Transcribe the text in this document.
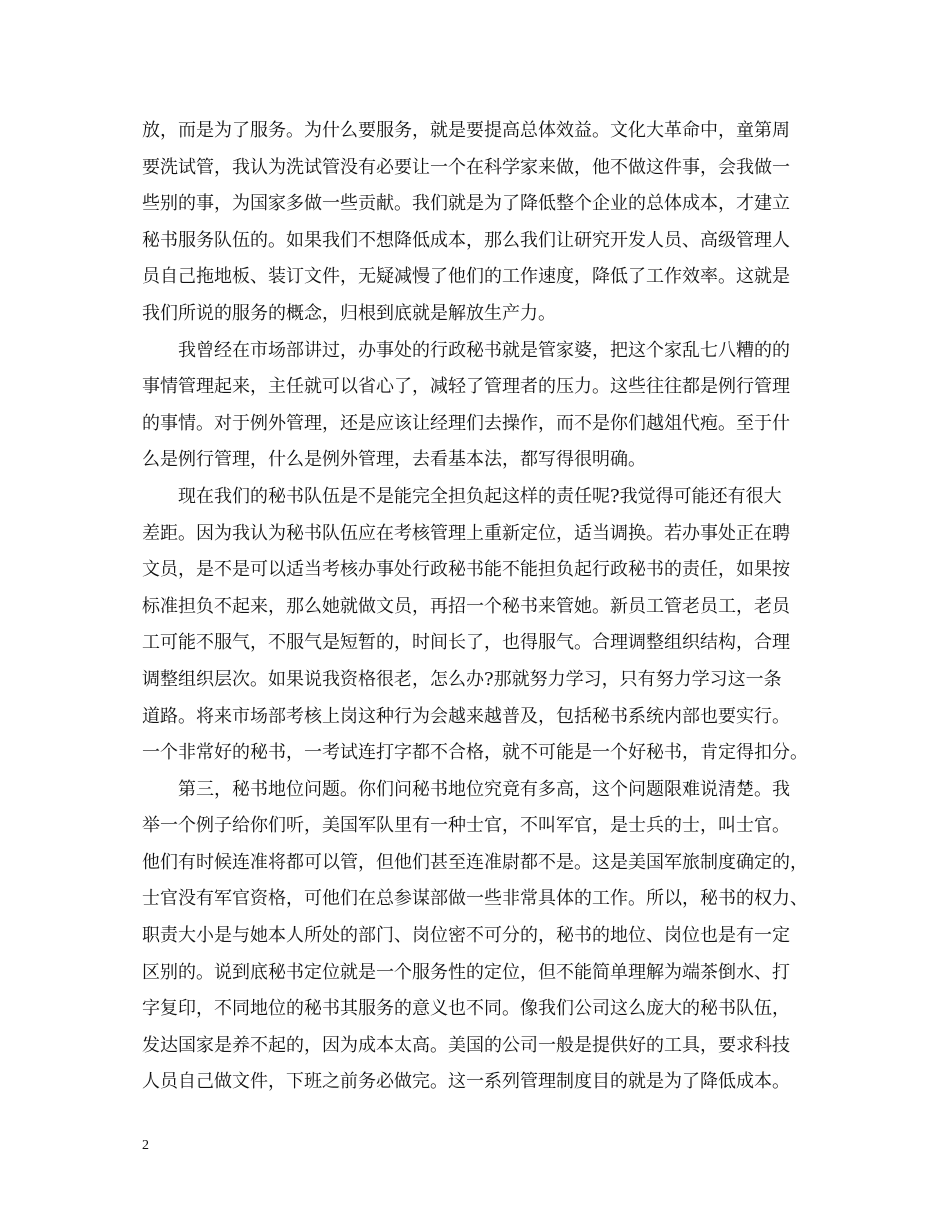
放，而是为了服务。为什么要服务，就是要提高总体效益。文化大革命中，童第周
要洗试管，我认为洗试管没有必要让一个在科学家来做，他不做这件事，会我做一
些别的事，为国家多做一些贡献。我们就是为了降低整个企业的总体成本，才建立
秘书服务队伍的。如果我们不想降低成本，那么我们让研究开发人员、高级管理人
员自己拖地板、装订文件，无疑减慢了他们的工作速度，降低了工作效率。这就是
我们所说的服务的概念，归根到底就是解放生产力。
我曾经在市场部讲过，办事处的行政秘书就是管家婆，把这个家乱七八糟的的
事情管理起来，主任就可以省心了，减轻了管理者的压力。这些往往都是例行管理
的事情。对于例外管理，还是应该让经理们去操作，而不是你们越俎代疱。至于什
么是例行管理，什么是例外管理，去看基本法，都写得很明确。
现在我们的秘书队伍是不是能完全担负起这样的责任呢?我觉得可能还有很大
差距。因为我认为秘书队伍应在考核管理上重新定位，适当调换。若办事处正在聘
文员，是不是可以适当考核办事处行政秘书能不能担负起行政秘书的责任，如果按
标准担负不起来，那么她就做文员，再招一个秘书来管她。新员工管老员工，老员
工可能不服气，不服气是短暂的，时间长了，也得服气。合理调整组织结构，合理
调整组织层次。如果说我资格很老，怎么办?那就努力学习，只有努力学习这一条
道路。将来市场部考核上岗这种行为会越来越普及，包括秘书系统内部也要实行。
一个非常好的秘书，一考试连打字都不合格，就不可能是一个好秘书，肯定得扣分。
第三，秘书地位问题。你们问秘书地位究竟有多高，这个问题限难说清楚。我
举一个例子给你们听，美国军队里有一种士官，不叫军官，是士兵的士，叫士官。
他们有时候连准将都可以管，但他们甚至连准尉都不是。这是美国军旅制度确定的，
士官没有军官资格，可他们在总参谋部做一些非常具体的工作。所以，秘书的权力、
职责大小是与她本人所处的部门、岗位密不可分的，秘书的地位、岗位也是有一定
区别的。说到底秘书定位就是一个服务性的定位，但不能简单理解为端茶倒水、打
字复印，不同地位的秘书其服务的意义也不同。像我们公司这么庞大的秘书队伍，
发达国家是养不起的，因为成本太高。美国的公司一般是提供好的工具，要求科技
人员自己做文件，下班之前务必做完。这一系列管理制度目的就是为了降低成本。
2
